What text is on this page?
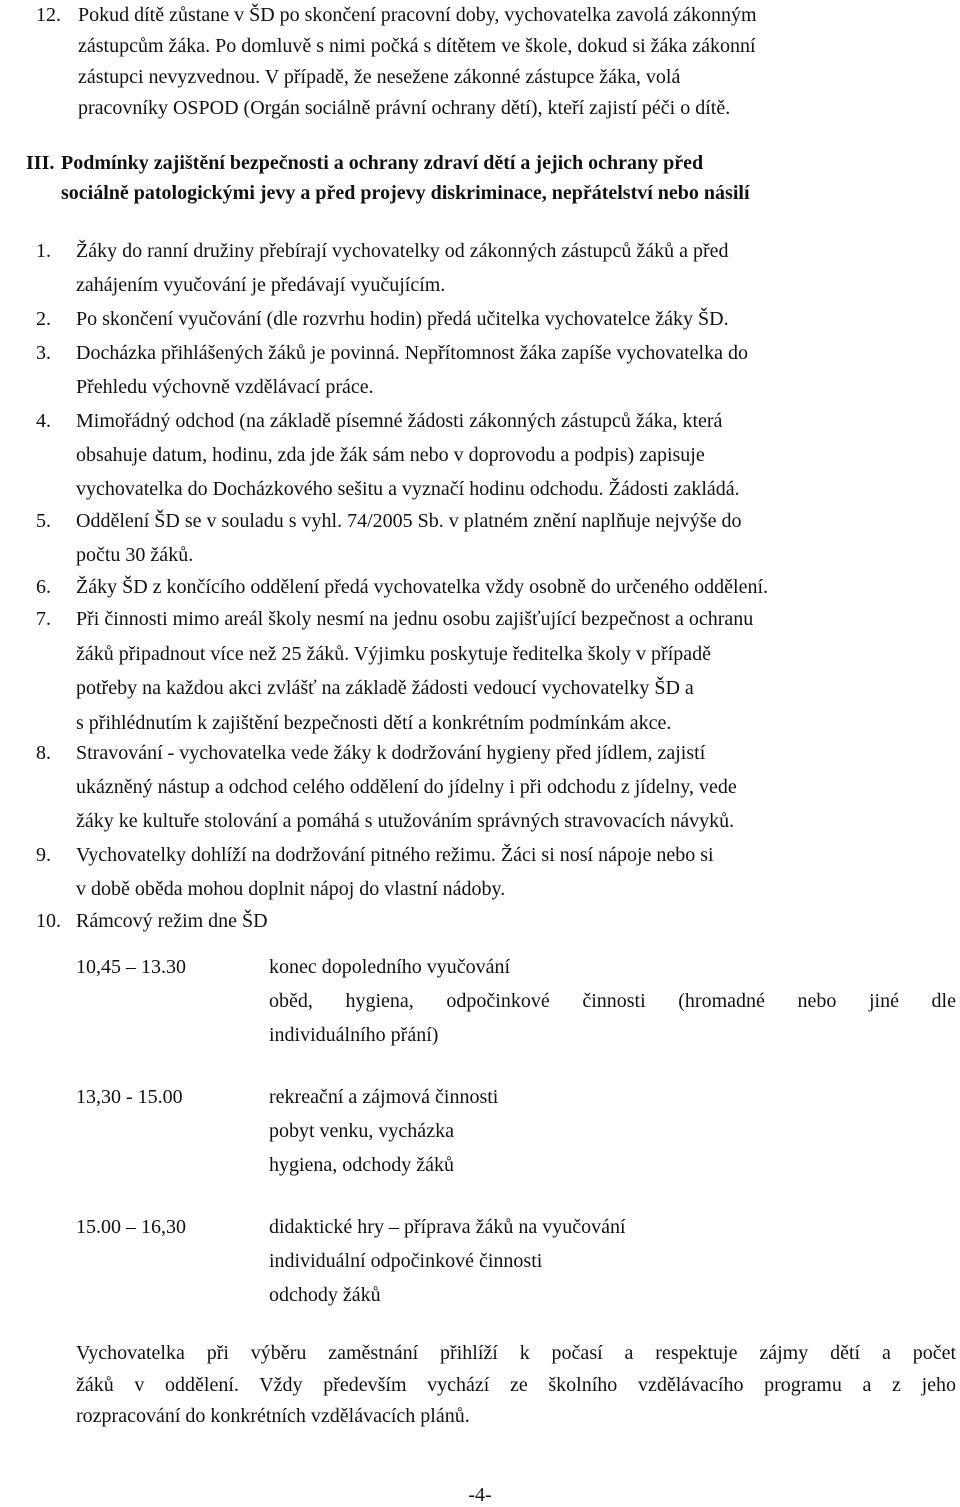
12. Pokud dítě zůstane v ŠD po skončení pracovní doby, vychovatelka zavolá zákonným
zástupcům žáka. Po domluvě s nimi počká s dítětem ve škole, dokud si žáka zákonní
zástupci nevyzvednou. V případě, že nesežene zákonné zástupce žáka, volá
pracovníky OSPOD (Orgán sociálně právní ochrany dětí), kteří zajistí péči o dítě.
III. Podmínky zajištění bezpečnosti a ochrany zdraví dětí a jejich ochrany před
sociálně patologickými jevy a před projevy diskriminace, nepřátelství nebo násilí
1. Žáky do ranní družiny přebírají vychovatelky od zákonných zástupců žáků a před
zahájením vyučování je předávají vyučujícím.
2. Po skončení vyučování (dle rozvrhu hodin) předá učitelka vychovatelce žáky ŠD.
3. Docházka přihlášených žáků je povinná. Nepřítomnost žáka zapíše vychovatelka do
Přehledu výchovně vzdělávací práce.
4. Mimořádný odchod (na základě písemné žádosti zákonných zástupců žáka, která
obsahuje datum, hodinu, zda jde žák sám nebo v doprovodu a podpis) zapisuje
vychovatelka do Docházkového sešitu a vyznačí hodinu odchodu. Žádosti zakládá.
5. Oddělení ŠD se v souladu s vyhl. 74/2005 Sb. v platném znění naplňuje nejvýše do
počtu 30 žáků.
6. Žáky ŠD z končícího oddělení předá vychovatelka vždy osobně do určeného oddělení.
7. Při činnosti mimo areál školy nesmí na jednu osobu zajišťující bezpečnost a ochranu
žáků připadnout více než 25 žáků. Výjimku poskytuje ředitelka školy v případě
potřeby na každou akci zvlášť na základě žádosti vedoucí vychovatelky ŠD a
s přihlédnutím k zajištění bezpečnosti dětí a konkrétním podmínkám akce.
8. Stravování - vychovatelka vede žáky k dodržování hygieny před jídlem, zajistí
ukázněný nástup a odchod celého oddělení do jídelny i při odchodu z jídelny, vede
žáky ke kultuře stolování a pomáhá s utužováním správných stravovacích návyků.
9. Vychovatelky dohlíží na dodržování pitného režimu. Žáci si nosí nápoje nebo si
v době oběda mohou doplnit nápoj do vlastní nádoby.
10. Rámcový režim dne ŠD
10,45 – 13.30	konec dopoledního vyučování
oběd, hygiena, odpočinkové činnosti (hromadné nebo jiné dle
individuálního přání)
13,30 - 15.00	rekreační a zájmová činnosti
pobyt venku, vycházka
hygiena, odchody žáků
15.00 – 16,30	didaktické hry – příprava žáků na vyučování
individuální odpočinkové činnosti
odchody žáků
Vychovatelka při výběru zaměstnání přihlíží k počasí a respektuje zájmy dětí a počet
žáků v oddělení. Vždy především vychází ze školního vzdělávacího programu a z jeho
rozpracování do konkrétních vzdělávacích plánů.
-4-
